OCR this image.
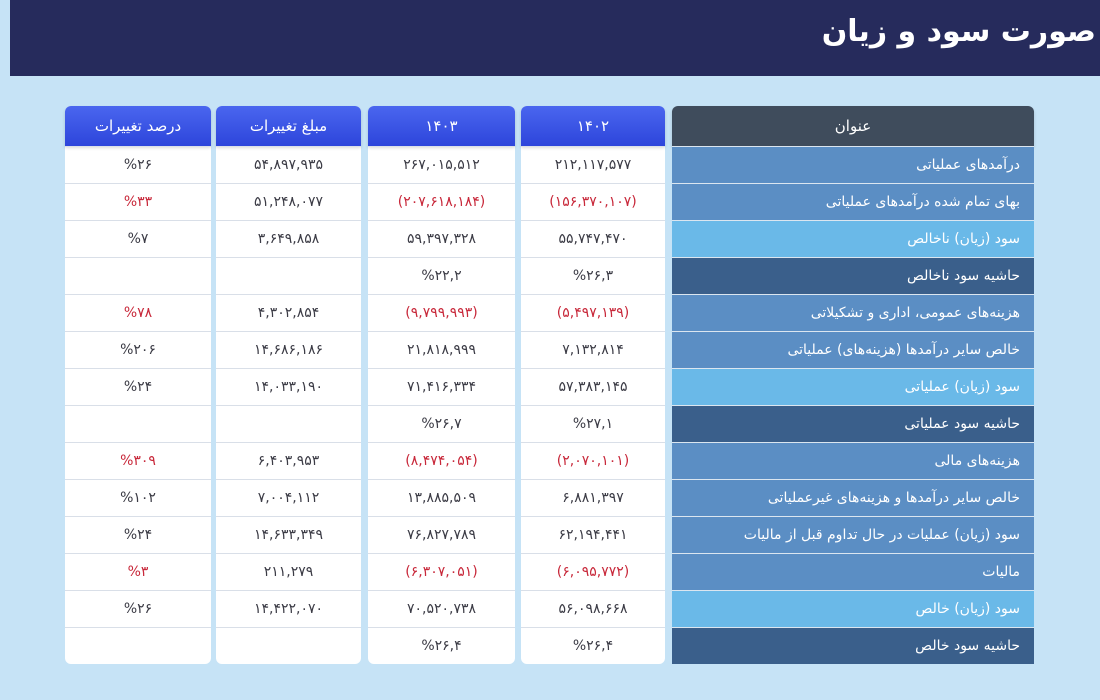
صورت سود و زیان
عنوان
درآمدهای عملیاتی
بهای تمام شده درآمدهای عملیاتی
سود (زیان) ناخالص
حاشیه سود ناخالص
هزینه‌های عمومی، اداری و تشکیلاتی
خالص سایر درآمدها (هزینه‌های) عملیاتی
سود (زیان) عملیاتی
حاشیه سود عملیاتی
هزینه‌های مالی
خالص سایر درآمدها و هزینه‌های غیرعملیاتی
سود (زیان) عملیات در حال تداوم قبل از مالیات
مالیات
سود (زیان) خالص
حاشیه سود خالص
۱۴۰۲
۲۱۲,۱۱۷,۵۷۷
(۱۵۶,۳۷۰,۱۰۷)
۵۵,۷۴۷,۴۷۰
%۲۶,۳
(۵,۴۹۷,۱۳۹)
۷,۱۳۲,۸۱۴
۵۷,۳۸۳,۱۴۵
%۲۷,۱
(۲,۰۷۰,۱۰۱)
۶,۸۸۱,۳۹۷
۶۲,۱۹۴,۴۴۱
(۶,۰۹۵,۷۷۲)
۵۶,۰۹۸,۶۶۸
%۲۶,۴
۱۴۰۳
۲۶۷,۰۱۵,۵۱۲
(۲۰۷,۶۱۸,۱۸۴)
۵۹,۳۹۷,۳۲۸
%۲۲,۲
(۹,۷۹۹,۹۹۳)
۲۱,۸۱۸,۹۹۹
۷۱,۴۱۶,۳۳۴
%۲۶,۷
(۸,۴۷۴,۰۵۴)
۱۳,۸۸۵,۵۰۹
۷۶,۸۲۷,۷۸۹
(۶,۳۰۷,۰۵۱)
۷۰,۵۲۰,۷۳۸
%۲۶,۴
مبلغ تغییرات
۵۴,۸۹۷,۹۳۵
۵۱,۲۴۸,۰۷۷
۳,۶۴۹,۸۵۸
۴,۳۰۲,۸۵۴
۱۴,۶۸۶,۱۸۶
۱۴,۰۳۳,۱۹۰
۶,۴۰۳,۹۵۳
۷,۰۰۴,۱۱۲
۱۴,۶۳۳,۳۴۹
۲۱۱,۲۷۹
۱۴,۴۲۲,۰۷۰
درصد تغییرات
%۲۶
%۳۳
%۷
%۷۸
%۲۰۶
%۲۴
%۳۰۹
%۱۰۲
%۲۴
%۳
%۲۶
